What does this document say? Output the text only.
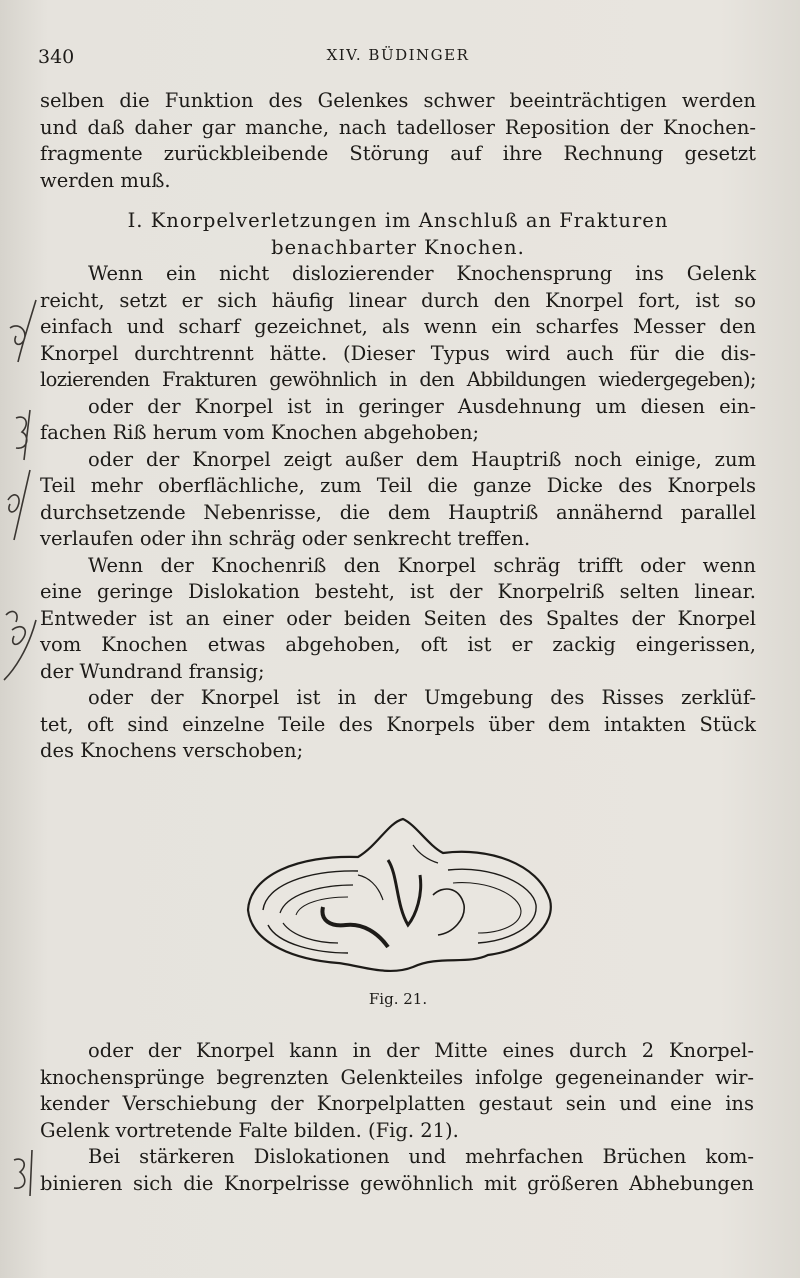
340	XIV. BÜDINGER
selben die Funktion des Gelenkes schwer beeinträchtigen werden
und daß daher gar manche, nach tadelloser Reposition der Knochen-
fragmente zurückbleibende Störung auf ihre Rechnung gesetzt
werden muß.
I. Knorpelverletzungen im Anschluß an Frakturen
benachbarter Knochen.
Wenn ein nicht dislozierender Knochensprung ins Gelenk
reicht, setzt er sich häufig linear durch den Knorpel fort, ist so
einfach und scharf gezeichnet, als wenn ein scharfes Messer den
Knorpel durchtrennt hätte. (Dieser Typus wird auch für die dis-
lozierenden Frakturen gewöhnlich in den Abbildungen wiedergegeben);
oder der Knorpel ist in geringer Ausdehnung um diesen ein-
fachen Riß herum vom Knochen abgehoben;
oder der Knorpel zeigt außer dem Hauptriß noch einige, zum
Teil mehr oberflächliche, zum Teil die ganze Dicke des Knorpels
durchsetzende Nebenrisse, die dem Hauptriß annähernd parallel
verlaufen oder ihn schräg oder senkrecht treffen.
Wenn der Knochenriß den Knorpel schräg trifft oder wenn
eine geringe Dislokation besteht, ist der Knorpelriß selten linear.
Entweder ist an einer oder beiden Seiten des Spaltes der Knorpel
vom Knochen etwas abgehoben, oft ist er zackig eingerissen,
der Wundrand fransig;
oder der Knorpel ist in der Umgebung des Risses zerklüf-
tet, oft sind einzelne Teile des Knorpels über dem intakten Stück
des Knochens verschoben;
Fig. 21.
oder der Knorpel kann in der Mitte eines durch 2 Knorpel-
knochensprünge begrenzten Gelenkteiles infolge gegeneinander wir-
kender Verschiebung der Knorpelplatten gestaut sein und eine ins
Gelenk vortretende Falte bilden. (Fig. 21).
Bei stärkeren Dislokationen und mehrfachen Brüchen kom-
binieren sich die Knorpelrisse gewöhnlich mit größeren Abhebungen
